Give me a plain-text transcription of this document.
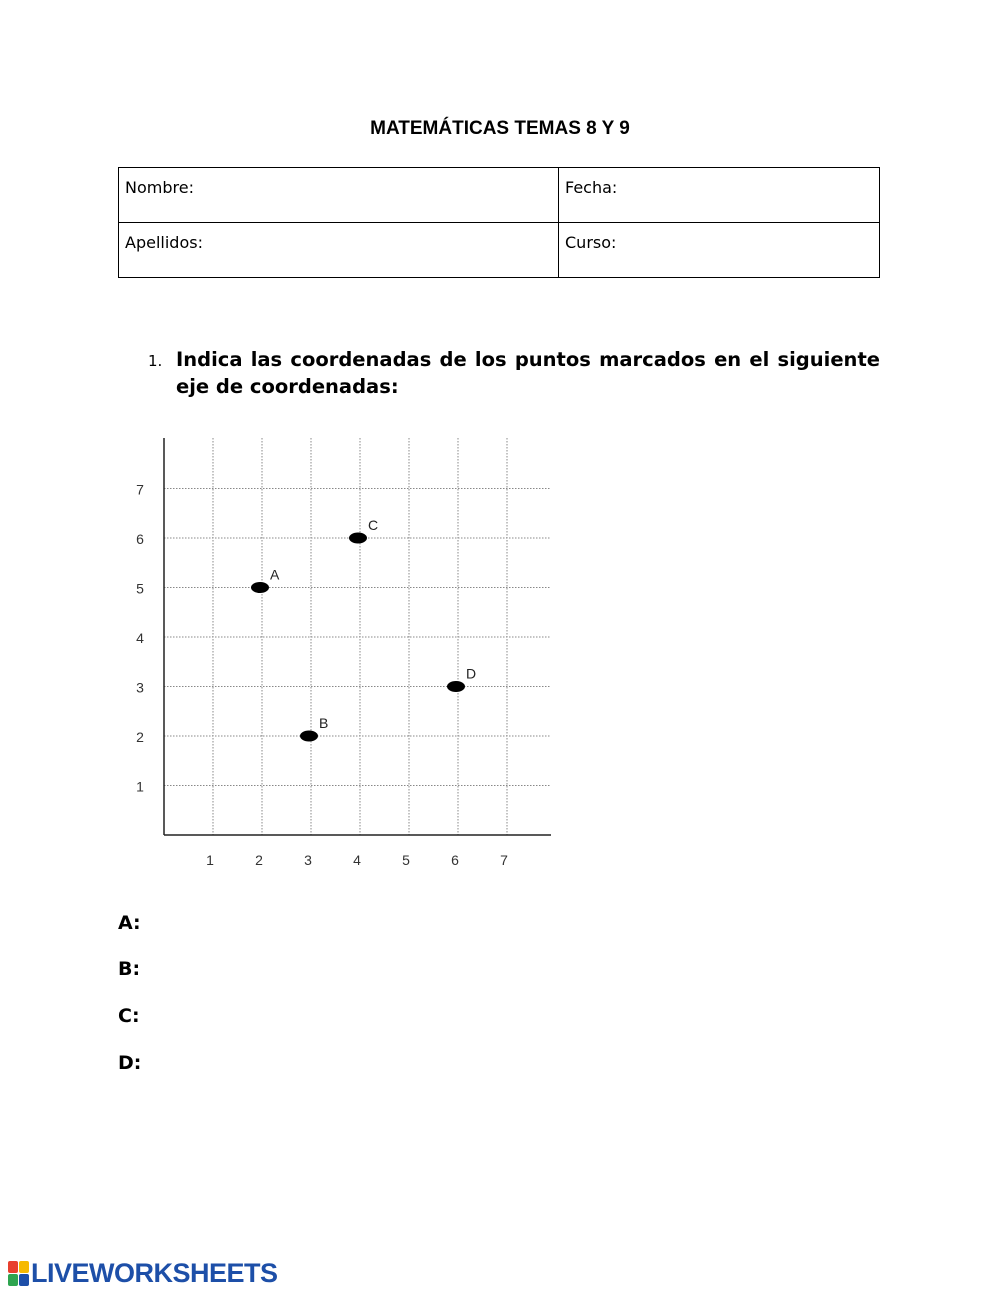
MATEMÁTICAS TEMAS 8 Y 9
Nombre:	Fecha:
Apellidos:	Curso:
1. Indica las coordenadas de los puntos marcados en el siguiente eje de coordenadas:
1	2	3	4	5	6	7
1
2
3
4
5
6
7
A
B
C
D
A:
B:
C:
D:
LIVEWORKSHEETS
